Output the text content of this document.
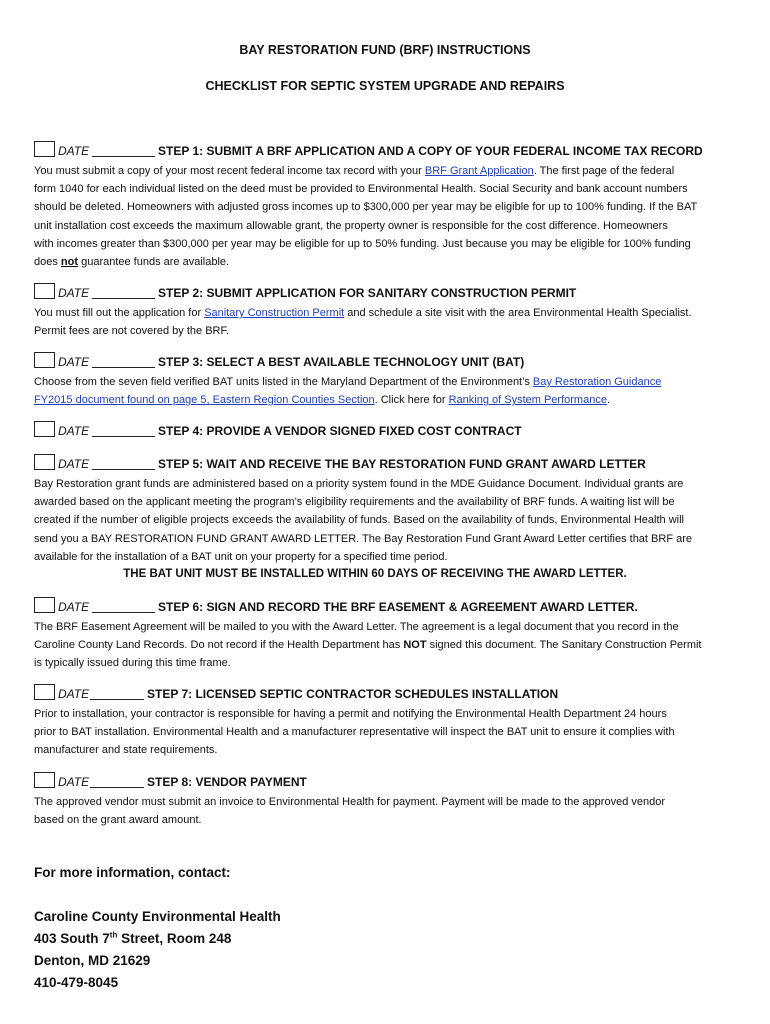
BAY RESTORATION FUND (BRF) INSTRUCTIONS
CHECKLIST FOR SEPTIC SYSTEM UPGRADE AND REPAIRS
DATE	STEP 1: SUBMIT A BRF APPLICATION AND A COPY OF YOUR FEDERAL INCOME TAX RECORD
You must submit a copy of your most recent federal income tax record with your BRF Grant Application. The first page of the federal
form 1040 for each individual listed on the deed must be provided to Environmental Health. Social Security and bank account numbers
should be deleted. Homeowners with adjusted gross incomes up to $300,000 per year may be eligible for up to 100% funding. If the BAT
unit installation cost exceeds the maximum allowable grant, the property owner is responsible for the cost difference. Homeowners
with incomes greater than $300,000 per year may be eligible for up to 50% funding. Just because you may be eligible for 100% funding
does not guarantee funds are available.
DATE	STEP 2: SUBMIT APPLICATION FOR SANITARY CONSTRUCTION PERMIT
You must fill out the application for Sanitary Construction Permit and schedule a site visit with the area Environmental Health Specialist.
Permit fees are not covered by the BRF.
DATE	STEP 3: SELECT A BEST AVAILABLE TECHNOLOGY UNIT (BAT)
Choose from the seven field verified BAT units listed in the Maryland Department of the Environment’s Bay Restoration Guidance
FY2015 document found on page 5, Eastern Region Counties Section. Click here for Ranking of System Performance.
DATE	STEP 4: PROVIDE A VENDOR SIGNED FIXED COST CONTRACT
DATE	STEP 5: WAIT AND RECEIVE THE BAY RESTORATION FUND GRANT AWARD LETTER
Bay Restoration grant funds are administered based on a priority system found in the MDE Guidance Document. Individual grants are
awarded based on the applicant meeting the program’s eligibility requirements and the availability of BRF funds. A waiting list will be
created if the number of eligible projects exceeds the availability of funds. Based on the availability of funds, Environmental Health will
send you a BAY RESTORATION FUND GRANT AWARD LETTER. The Bay Restoration Fund Grant Award Letter certifies that BRF are
available for the installation of a BAT unit on your property for a specified time period.
THE BAT UNIT MUST BE INSTALLED WITHIN 60 DAYS OF RECEIVING THE AWARD LETTER.
DATE	STEP 6: SIGN AND RECORD THE BRF EASEMENT & AGREEMENT AWARD LETTER.
The BRF Easement Agreement will be mailed to you with the Award Letter. The agreement is a legal document that you record in the
Caroline County Land Records. Do not record if the Health Department has NOT signed this document. The Sanitary Construction Permit
is typically issued during this time frame.
DATE	STEP 7: LICENSED SEPTIC CONTRACTOR SCHEDULES INSTALLATION
Prior to installation, your contractor is responsible for having a permit and notifying the Environmental Health Department 24 hours
prior to BAT installation. Environmental Health and a manufacturer representative will inspect the BAT unit to ensure it complies with
manufacturer and state requirements.
DATE	STEP 8: VENDOR PAYMENT
The approved vendor must submit an invoice to Environmental Health for payment. Payment will be made to the approved vendor
based on the grant award amount.
For more information, contact:
Caroline County Environmental Health
403 South 7th Street, Room 248
Denton, MD 21629
410-479-8045
